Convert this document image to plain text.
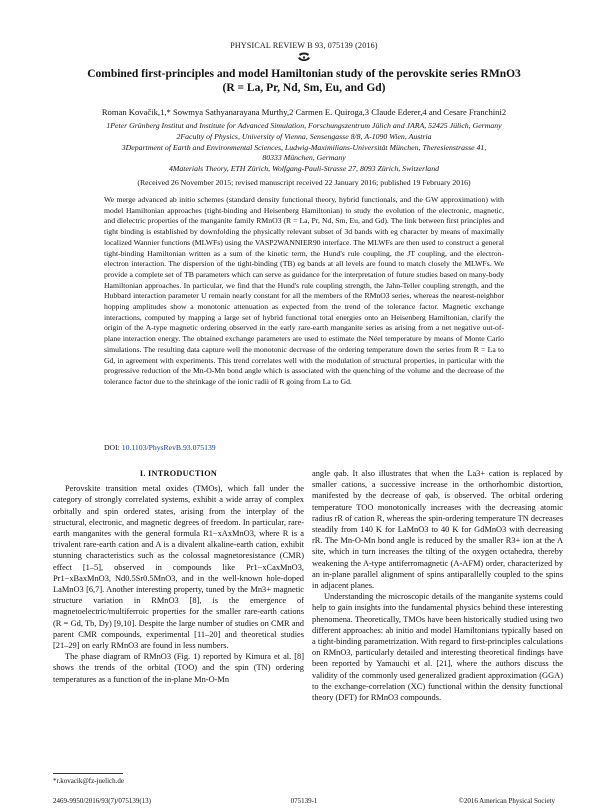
PHYSICAL REVIEW B 93, 075139 (2016)
Combined first-principles and model Hamiltonian study of the perovskite series RMnO3
(R = La, Pr, Nd, Sm, Eu, and Gd)
Roman Kovačik,1,* Sowmya Sathyanarayana Murthy,2 Carmen E. Quiroga,3 Claude Ederer,4 and Cesare Franchini2
1Peter Grünberg Institut and Institute for Advanced Simulation, Forschungszentrum Jülich and JARA, 52425 Jülich, Germany
2Faculty of Physics, University of Vienna, Sensengasse 8/8, A-1090 Wien, Austria
3Department of Earth and Environmental Sciences, Ludwig-Maximilians-Universität München, Theresienstrasse 41,
80333 München, Germany
4Materials Theory, ETH Zürich, Wolfgang-Pauli-Strasse 27, 8093 Zürich, Switzerland
(Received 26 November 2015; revised manuscript received 22 January 2016; published 19 February 2016)
We merge advanced ab initio schemes (standard density functional theory, hybrid functionals, and the GW approximation) with model Hamiltonian approaches (tight-binding and Heisenberg Hamiltonian) to study the evolution of the electronic, magnetic, and dielectric properties of the manganite family RMnO3 (R = La, Pr, Nd, Sm, Eu, and Gd). The link between first principles and tight binding is established by downfolding the physically relevant subset of 3d bands with eg character by means of maximally localized Wannier functions (MLWFs) using the VASP2WANNIER90 interface. The MLWFs are then used to construct a general tight-binding Hamiltonian written as a sum of the kinetic term, the Hund's rule coupling, the JT coupling, and the electron-electron interaction. The dispersion of the tight-binding (TB) eg bands at all levels are found to match closely the MLWFs. We provide a complete set of TB parameters which can serve as guidance for the interpretation of future studies based on many-body Hamiltonian approaches. In particular, we find that the Hund's rule coupling strength, the Jahn-Teller coupling strength, and the Hubbard interaction parameter U remain nearly constant for all the members of the RMnO3 series, whereas the nearest-neighbor hopping amplitudes show a monotonic attenuation as expected from the trend of the tolerance factor. Magnetic exchange interactions, computed by mapping a large set of hybrid functional total energies onto an Heisenberg Hamiltonian, clarify the origin of the A-type magnetic ordering observed in the early rare-earth manganite series as arising from a net negative out-of-plane interaction energy. The obtained exchange parameters are used to estimate the Néel temperature by means of Monte Carlo simulations. The resulting data capture well the monotonic decrease of the ordering temperature down the series from R = La to Gd, in agreement with experiments. This trend correlates well with the modulation of structural properties, in particular with the progressive reduction of the Mn-O-Mn bond angle which is associated with the quenching of the volume and the decrease of the tolerance factor due to the shrinkage of the ionic radii of R going from La to Gd.
DOI: 10.1103/PhysRevB.93.075139
I. INTRODUCTION

Perovskite transition metal oxides (TMOs), which fall under the category of strongly correlated systems, exhibit a wide array of complex orbitally and spin ordered states, arising from the interplay of the structural, electronic, and magnetic degrees of freedom. In particular, rare-earth manganites with the general formula R1−xAxMnO3, where R is a trivalent rare-earth cation and A is a divalent alkaline-earth cation, exhibit stunning characteristics such as the colossal magnetoresistance (CMR) effect [1–5], observed in compounds like Pr1−xCaxMnO3, Pr1−xBaxMnO3, Nd0.5Sr0.5MnO3, and in the well-known hole-doped LaMnO3 [6,7]. Another interesting property, tuned by the Mn3+ magnetic structure variation in RMnO3 [8], is the emergence of magnetoelectric/multiferroic properties for the smaller rare-earth cations (R = Gd, Tb, Dy) [9,10]. Despite the large number of studies on CMR and parent CMR compounds, experimental [11–20] and theoretical studies [21–29] on early RMnO3 are found in less numbers.

The phase diagram of RMnO3 (Fig. 1) reported by Kimura et al. [8] shows the trends of the orbital (TOO) and the spin (TN) ordering temperatures as a function of the in-plane Mn-O-Mn

angle φab. It also illustrates that when the La3+ cation is replaced by smaller cations, a successive increase in the orthorhombic distortion, manifested by the decrease of φab, is observed. The orbital ordering temperature TOO monotonically increases with the decreasing atomic radius rR of cation R, whereas the spin-ordering temperature TN decreases steadily from 140 K for LaMnO3 to 40 K for GdMnO3 with decreasing rR. The Mn-O-Mn bond angle is reduced by the smaller R3+ ion at the A site, which in turn increases the tilting of the oxygen octahedra, thereby weakening the A-type antiferromagnetic (A-AFM) order, characterized by an in-plane parallel alignment of spins antiparallelly coupled to the spins in adjacent planes.

Understanding the microscopic details of the manganite systems could help to gain insights into the fundamental physics behind these interesting phenomena. Theoretically, TMOs have been historically studied using two different approaches: ab initio and model Hamiltonians typically based on a tight-binding parametrization. With regard to first-principles calculations on RMnO3, particularly detailed and interesting theoretical findings have been reported by Yamauchi et al. [21], where the authors discuss the validity of the commonly used generalized gradient approximation (GGA) to the exchange-correlation (XC) functional within the density functional theory (DFT) for RMnO3 compounds.

*r.kovacik@fz-juelich.de
2469-9950/2016/93(7)/075139(13)	075139-1	©2016 American Physical Society
